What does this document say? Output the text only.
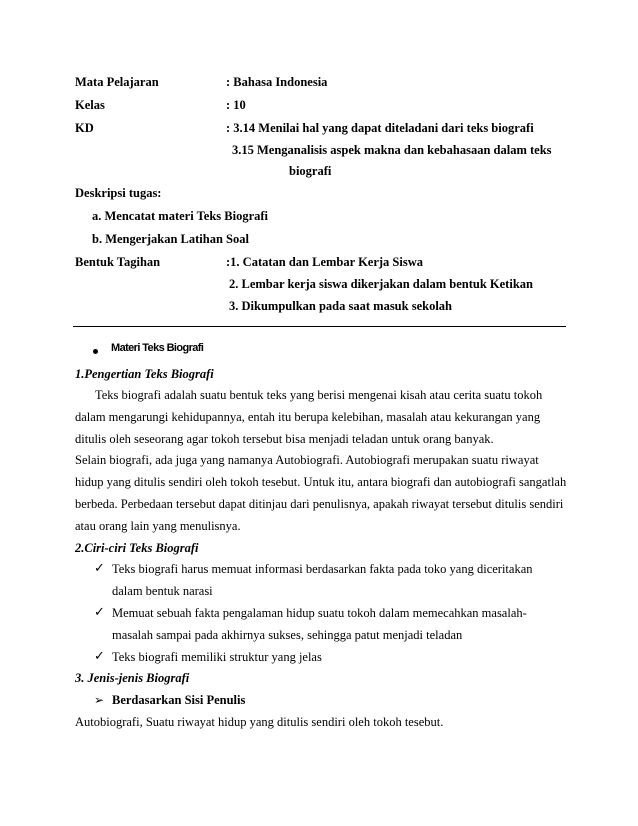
Mata Pelajaran	: Bahasa Indonesia
Kelas	: 10
KD	: 3.14 Menilai hal yang dapat diteladani dari teks biografi
3.15 Menganalisis aspek makna dan kebahasaan dalam teks
biografi
Deskripsi tugas:
a. Mencatat materi Teks Biografi
b. Mengerjakan Latihan Soal
Bentuk Tagihan	:1. Catatan dan Lembar Kerja Siswa
2. Lembar kerja siswa dikerjakan dalam bentuk Ketikan
3. Dikumpulkan pada saat masuk sekolah
Materi Teks Biografi
1.Pengertian Teks Biografi
Teks biografi adalah suatu bentuk teks yang berisi mengenai kisah atau cerita suatu tokoh
dalam mengarungi kehidupannya, entah itu berupa kelebihan, masalah atau kekurangan yang
ditulis oleh seseorang agar tokoh tersebut bisa menjadi teladan untuk orang banyak.
Selain biografi, ada juga yang namanya Autobiografi. Autobiografi merupakan suatu riwayat
hidup yang ditulis sendiri oleh tokoh tesebut. Untuk itu, antara biografi dan autobiografi sangatlah
berbeda. Perbedaan tersebut dapat ditinjau dari penulisnya, apakah riwayat tersebut ditulis sendiri
atau orang lain yang menulisnya.
2.Ciri-ciri Teks Biografi
✓ Teks biografi harus memuat informasi berdasarkan fakta pada toko yang diceritakan
dalam bentuk narasi
✓ Memuat sebuah fakta pengalaman hidup suatu tokoh dalam memecahkan masalah-
masalah sampai pada akhirnya sukses, sehingga patut menjadi teladan
✓ Teks biografi memiliki struktur yang jelas
3. Jenis-jenis Biografi
➢ Berdasarkan Sisi Penulis
Autobiografi, Suatu riwayat hidup yang ditulis sendiri oleh tokoh tesebut.
